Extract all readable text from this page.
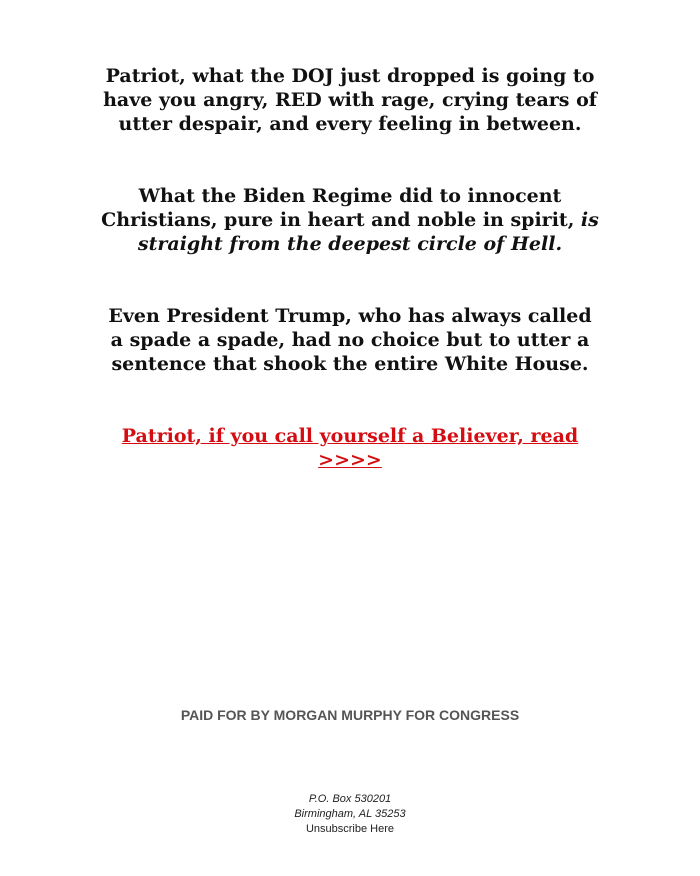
Patriot, what the DOJ just dropped is going to have you angry, RED with rage, crying tears of utter despair, and every feeling in between.

What the Biden Regime did to innocent Christians, pure in heart and noble in spirit, is straight from the deepest circle of Hell.

Even President Trump, who has always called a spade a spade, had no choice but to utter a sentence that shook the entire White House.

Patriot, if you call yourself a Believer, read >>>>

PAID FOR BY MORGAN MURPHY FOR CONGRESS

P.O. Box 530201
Birmingham, AL 35253
Unsubscribe Here
